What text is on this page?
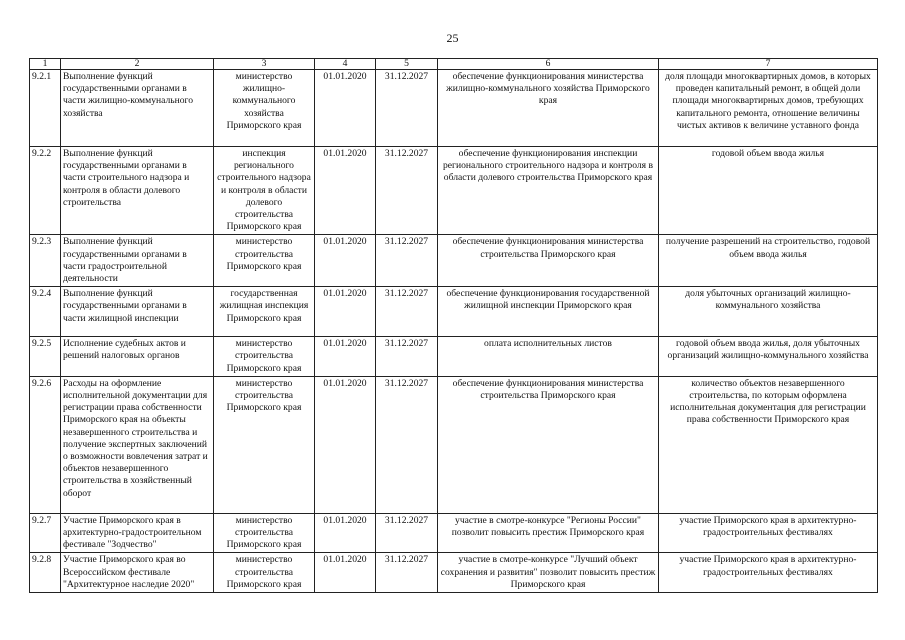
25
1	2	3	4	5	6	7
9.2.1	Выполнение функций государственными органами в части жилищно-коммунального хозяйства	министерство жилищно-коммунального хозяйства Приморского края	01.01.2020	31.12.2027	обеспечение функционирования министерства жилищно-коммунального хозяйства Приморского края	доля площади многоквартирных домов, в которых проведен капитальный ремонт, в общей доли площади многоквартирных домов, требующих капитального ремонта, отношение величины чистых активов к величине уставного фонда
9.2.2	Выполнение функций государственными органами в части строительного надзора и контроля в области долевого строительства	инспекция регионального строительного надзора и контроля в области долевого строительства Приморского края	01.01.2020	31.12.2027	обеспечение функционирования инспекции регионального строительного надзора и контроля в области долевого строительства Приморского края	годовой объем ввода жилья
9.2.3	Выполнение функций государственными органами в части градостроительной деятельности	министерство строительства Приморского края	01.01.2020	31.12.2027	обеспечение функционирования министерства строительства Приморского края	получение разрешений на строительство, годовой объем ввода жилья
9.2.4	Выполнение функций государственными органами в части жилищной инспекции	государственная жилищная инспекция Приморского края	01.01.2020	31.12.2027	обеспечение функционирования государственной жилищной инспекции Приморского края	доля убыточных организаций жилищно-коммунального хозяйства
9.2.5	Исполнение судебных актов и решений налоговых органов	министерство строительства Приморского края	01.01.2020	31.12.2027	оплата исполнительных листов	годовой объем ввода жилья, доля убыточных организаций жилищно-коммунального хозяйства
9.2.6	Расходы на оформление исполнительной документации для регистрации права собственности Приморского края на объекты незавершенного строительства и получение экспертных заключений о возможности вовлечения затрат и объектов незавершенного строительства в хозяйственный оборот	министерство строительства Приморского края	01.01.2020	31.12.2027	обеспечение функционирования министерства строительства Приморского края	количество объектов незавершенного строительства, по которым оформлена исполнительная документация для регистрации права собственности Приморского края
9.2.7	Участие Приморского края в архитектурно-градостроительном фестивале "Зодчество"	министерство строительства Приморского края	01.01.2020	31.12.2027	участие в смотре-конкурсе "Регионы России" позволит повысить престиж Приморского края	участие Приморского края в архитектурно-градостроительных фестивалях
9.2.8	Участие Приморского края во Всероссийском фестивале "Архитектурное наследие 2020"	министерство строительства Приморского края	01.01.2020	31.12.2027	участие в смотре-конкурсе "Лучший объект сохранения и развития" позволит повысить престиж Приморского края	участие Приморского края в архитектурно-градостроительных фестивалях
